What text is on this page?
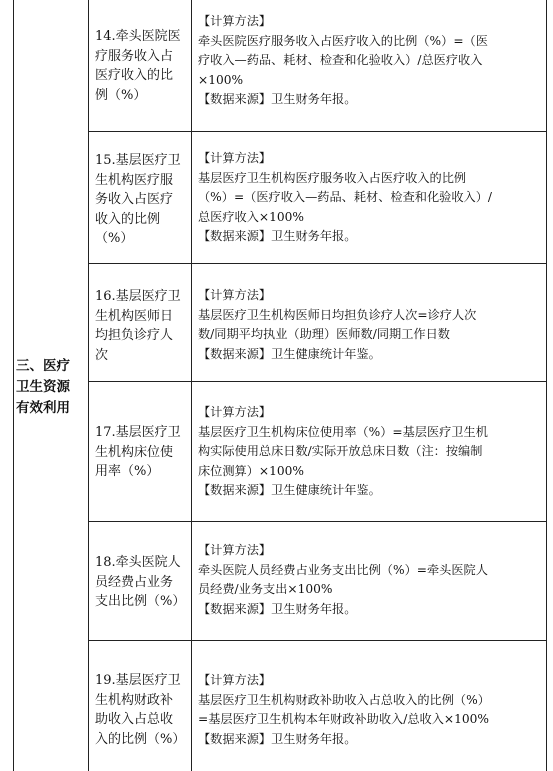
三、医疗
卫生资源
有效利用
14.牵头医院医
疗服务收入占
医疗收入的比
例（%）
【计算方法】
牵头医院医疗服务收入占医疗收入的比例（%）=（医
疗收入—药品、耗材、检查和化验收入）/总医疗收入
×100%
【数据来源】卫生财务年报。
15.基层医疗卫
生机构医疗服
务收入占医疗
收入的比例
（%）
【计算方法】
基层医疗卫生机构医疗服务收入占医疗收入的比例
（%）=（医疗收入—药品、耗材、检查和化验收入）/
总医疗收入×100%
【数据来源】卫生财务年报。
16.基层医疗卫
生机构医师日
均担负诊疗人
次
【计算方法】
基层医疗卫生机构医师日均担负诊疗人次=诊疗人次
数/同期平均执业（助理）医师数/同期工作日数
【数据来源】卫生健康统计年鉴。
17.基层医疗卫
生机构床位使
用率（%）
【计算方法】
基层医疗卫生机构床位使用率（%）=基层医疗卫生机
构实际使用总床日数/实际开放总床日数（注：按编制
床位测算）×100%
【数据来源】卫生健康统计年鉴。
18.牵头医院人
员经费占业务
支出比例（%）
【计算方法】
牵头医院人员经费占业务支出比例（%）=牵头医院人
员经费/业务支出×100%
【数据来源】卫生财务年报。
19.基层医疗卫
生机构财政补
助收入占总收
入的比例（%）
【计算方法】
基层医疗卫生机构财政补助收入占总收入的比例（%）
=基层医疗卫生机构本年财政补助收入/总收入×100%
【数据来源】卫生财务年报。
